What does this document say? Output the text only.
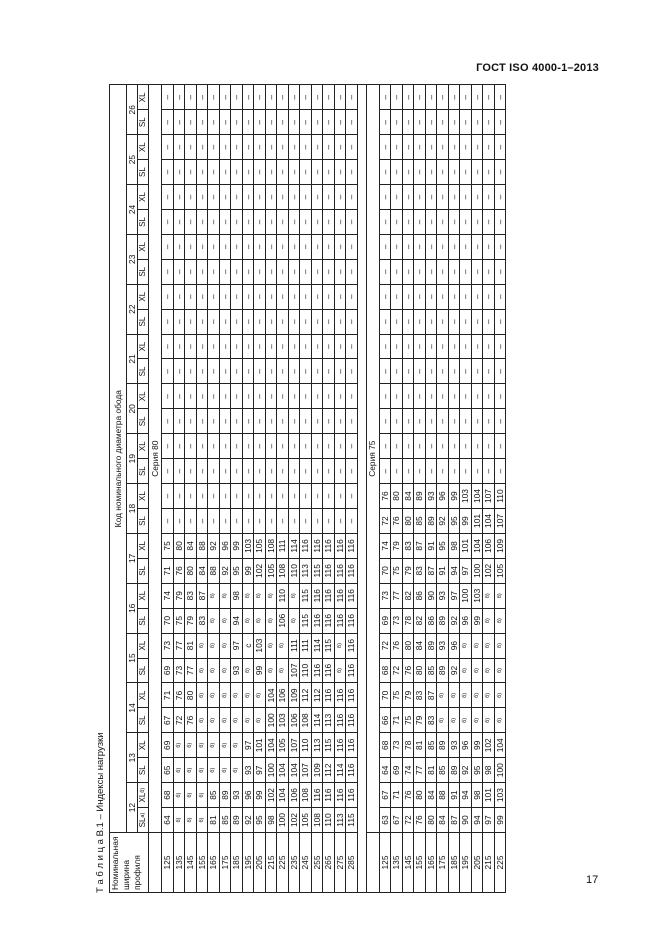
ГОСТ ISO 4000-1–2013
Т а б л и ц а В.1 – Индексы нагрузки Номинальная ширина профиля	Код номинального диаметра обода																													
	12		13		14		15		16		17		18		19		20		21		22		23		24		25		26	
	SL$^{а)}$	XL$^{б)}$	SL	XL	SL	XL	SL	XL	SL	XL	SL	XL	SL	XL	SL	XL	SL	XL	SL	XL	SL	XL	SL	XL	SL	XL	SL	XL	SL	XL
	Серия 80																													
125	64	68	65	69	67	71	69	73	70	74	71	75	–	–	–	–	–	–	–	–	–	–	–	–	–	–	–	–	–	–
135	б)	б)	б)	б)	72	76	73	77	75	79	76	80	–	–	–	–	–	–	–	–	–	–	–	–	–	–	–	–	–	–
145	б)	б)	б)	б)	76	80	77	81	79	83	80	84	–	–	–	–	–	–	–	–	–	–	–	–	–	–	–	–	–	–
155	б)	б)	б)	б)	б)	б)	б)	б)	83	87	84	88	–	–	–	–	–	–	–	–	–	–	–	–	–	–	–	–	–	–
165	81	85	б)	б)	б)	б)	б)	б)	б)	б)	88	92	–	–	–	–	–	–	–	–	–	–	–	–	–	–	–	–	–	–
175	85	89	б)	б)	б)	б)	б)	б)	б)	б)	92	96	–	–	–	–	–	–	–	–	–	–	–	–	–	–	–	–	–	–
185	89	93	б)	б)	б)	б)	93	97	94	98	95	99	–	–	–	–	–	–	–	–	–	–	–	–	–	–	–	–	–	–
195	92	96	93	97	б)	б)	б)	с	б)	б)	99	103	–	–	–	–	–	–	–	–	–	–	–	–	–	–	–	–	–	–
205	95	99	97	101	б)	б)	99	103	б)	б)	102	105	–	–	–	–	–	–	–	–	–	–	–	–	–	–	–	–	–	–
215	98	102	100	104	100	104	б)	б)	б)	б)	105	108	–	–	–	–	–	–	–	–	–	–	–	–	–	–	–	–	–	–
225	100	104	104	105	103	106	б)	б)	106	110	108	111	–	–	–	–	–	–	–	–	–	–	–	–	–	–	–	–	–	–
235	102	106	104	107	106	109	107	111	б)	б)	110	114	–	–	–	–	–	–	–	–	–	–	–	–	–	–	–	–	–	–
245	105	108	107	110	108	112	110	111	115	115	113	116	–	–	–	–	–	–	–	–	–	–	–	–	–	–	–	–	–	–
255	108	116	109	113	114	112	116	114	116	116	115	116	–	–	–	–	–	–	–	–	–	–	–	–	–	–	–	–	–	–
265	110	116	112	115	113	116	116	115	116	116	116	116	–	–	–	–	–	–	–	–	–	–	–	–	–	–	–	–	–	–
275	113	116	114	116	116	116	б)	б)	116	116	116	116	–	–	–	–	–	–	–	–	–	–	–	–	–	–	–	–	–	–
285	115	116	116	116	116	116	116	116	116	116	116	116	–	–	–	–	–	–	–	–	–	–	–	–	–	–	–	–	–	–

	Серия 75																													
125	63	67	64	68	66	70	68	72	69	73	70	74	72	76	–	–	–	–	–	–	–	–	–	–	–	–	–	–	–	–
135	67	71	69	73	71	75	72	76	73	77	75	79	76	80	–	–	–	–	–	–	–	–	–	–	–	–	–	–	–	–
145	72	76	74	78	75	79	76	80	78	82	79	83	80	84	–	–	–	–	–	–	–	–	–	–	–	–	–	–	–	–
155	76	80	77	81	79	83	80	84	82	86	83	87	85	89	–	–	–	–	–	–	–	–	–	–	–	–	–	–	–	–
165	80	84	81	85	83	87	85	89	86	90	87	91	89	93	–	–	–	–	–	–	–	–	–	–	–	–	–	–	–	–
175	84	88	85	89	б)	б)	89	93	89	93	91	95	92	96	–	–	–	–	–	–	–	–	–	–	–	–	–	–	–	–
185	87	91	89	93	б)	б)	92	96	92	97	94	98	95	99	–	–	–	–	–	–	–	–	–	–	–	–	–	–	–	–
195	90	94	92	96	б)	б)	б)	б)	96	100	97	101	99	103	–	–	–	–	–	–	–	–	–	–	–	–	–	–	–	–
205	94	98	95	99	б)	б)	б)	б)	99	103	100	104	101	104	–	–	–	–	–	–	–	–	–	–	–	–	–	–	–	–
215	97	101	98	102	б)	б)	б)	б)	б)	б)	102	106	104	107	–	–	–	–	–	–	–	–	–	–	–	–	–	–	–	–
225	99	103	100	104	б)	б)	б)	б)	б)	б)	105	109	107	110	–	–	–	–	–	–	–	–	–	–	–	–	–	–	–	–
17
